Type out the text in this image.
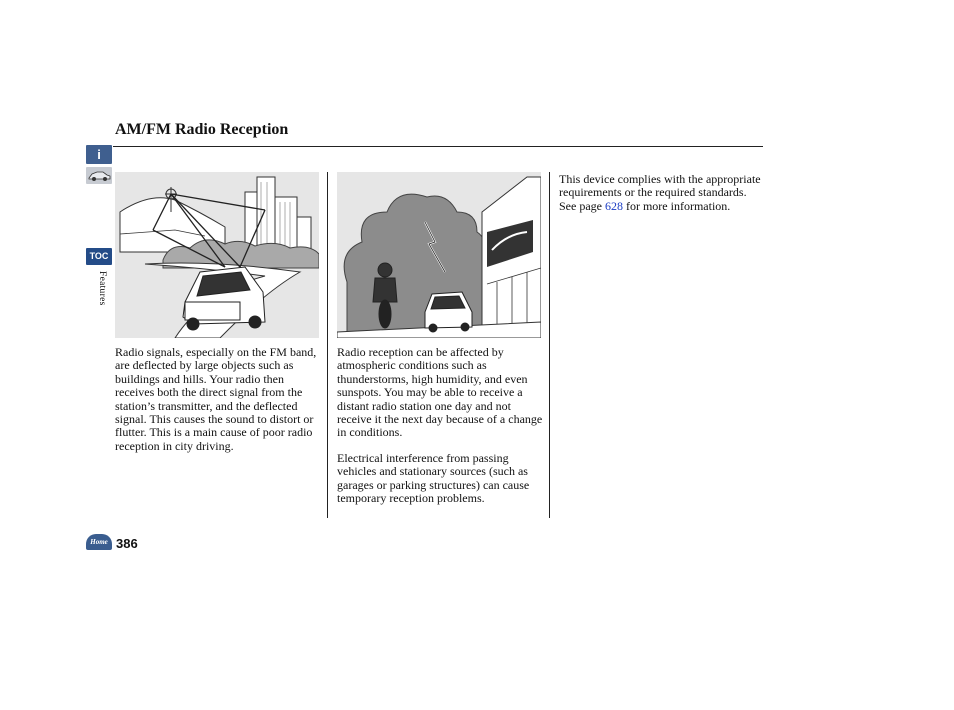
AM/FM Radio Reception
i
TOC
Features

Radio signals, especially on the FM band, are deflected by large objects such as buildings and hills. Your radio then receives both the direct signal from the station’s transmitter, and the deflected signal. This causes the sound to distort or flutter. This is a main cause of poor radio reception in city driving.

Radio reception can be affected by atmospheric conditions such as thunderstorms, high humidity, and even sunspots. You may be able to receive a distant radio station one day and not receive it the next day because of a change in conditions.

Electrical interference from passing vehicles and stationary sources (such as garages or parking structures) can cause temporary reception problems.

This device complies with the appropriate requirements or the required standards. See page 628 for more information.

Home 386
